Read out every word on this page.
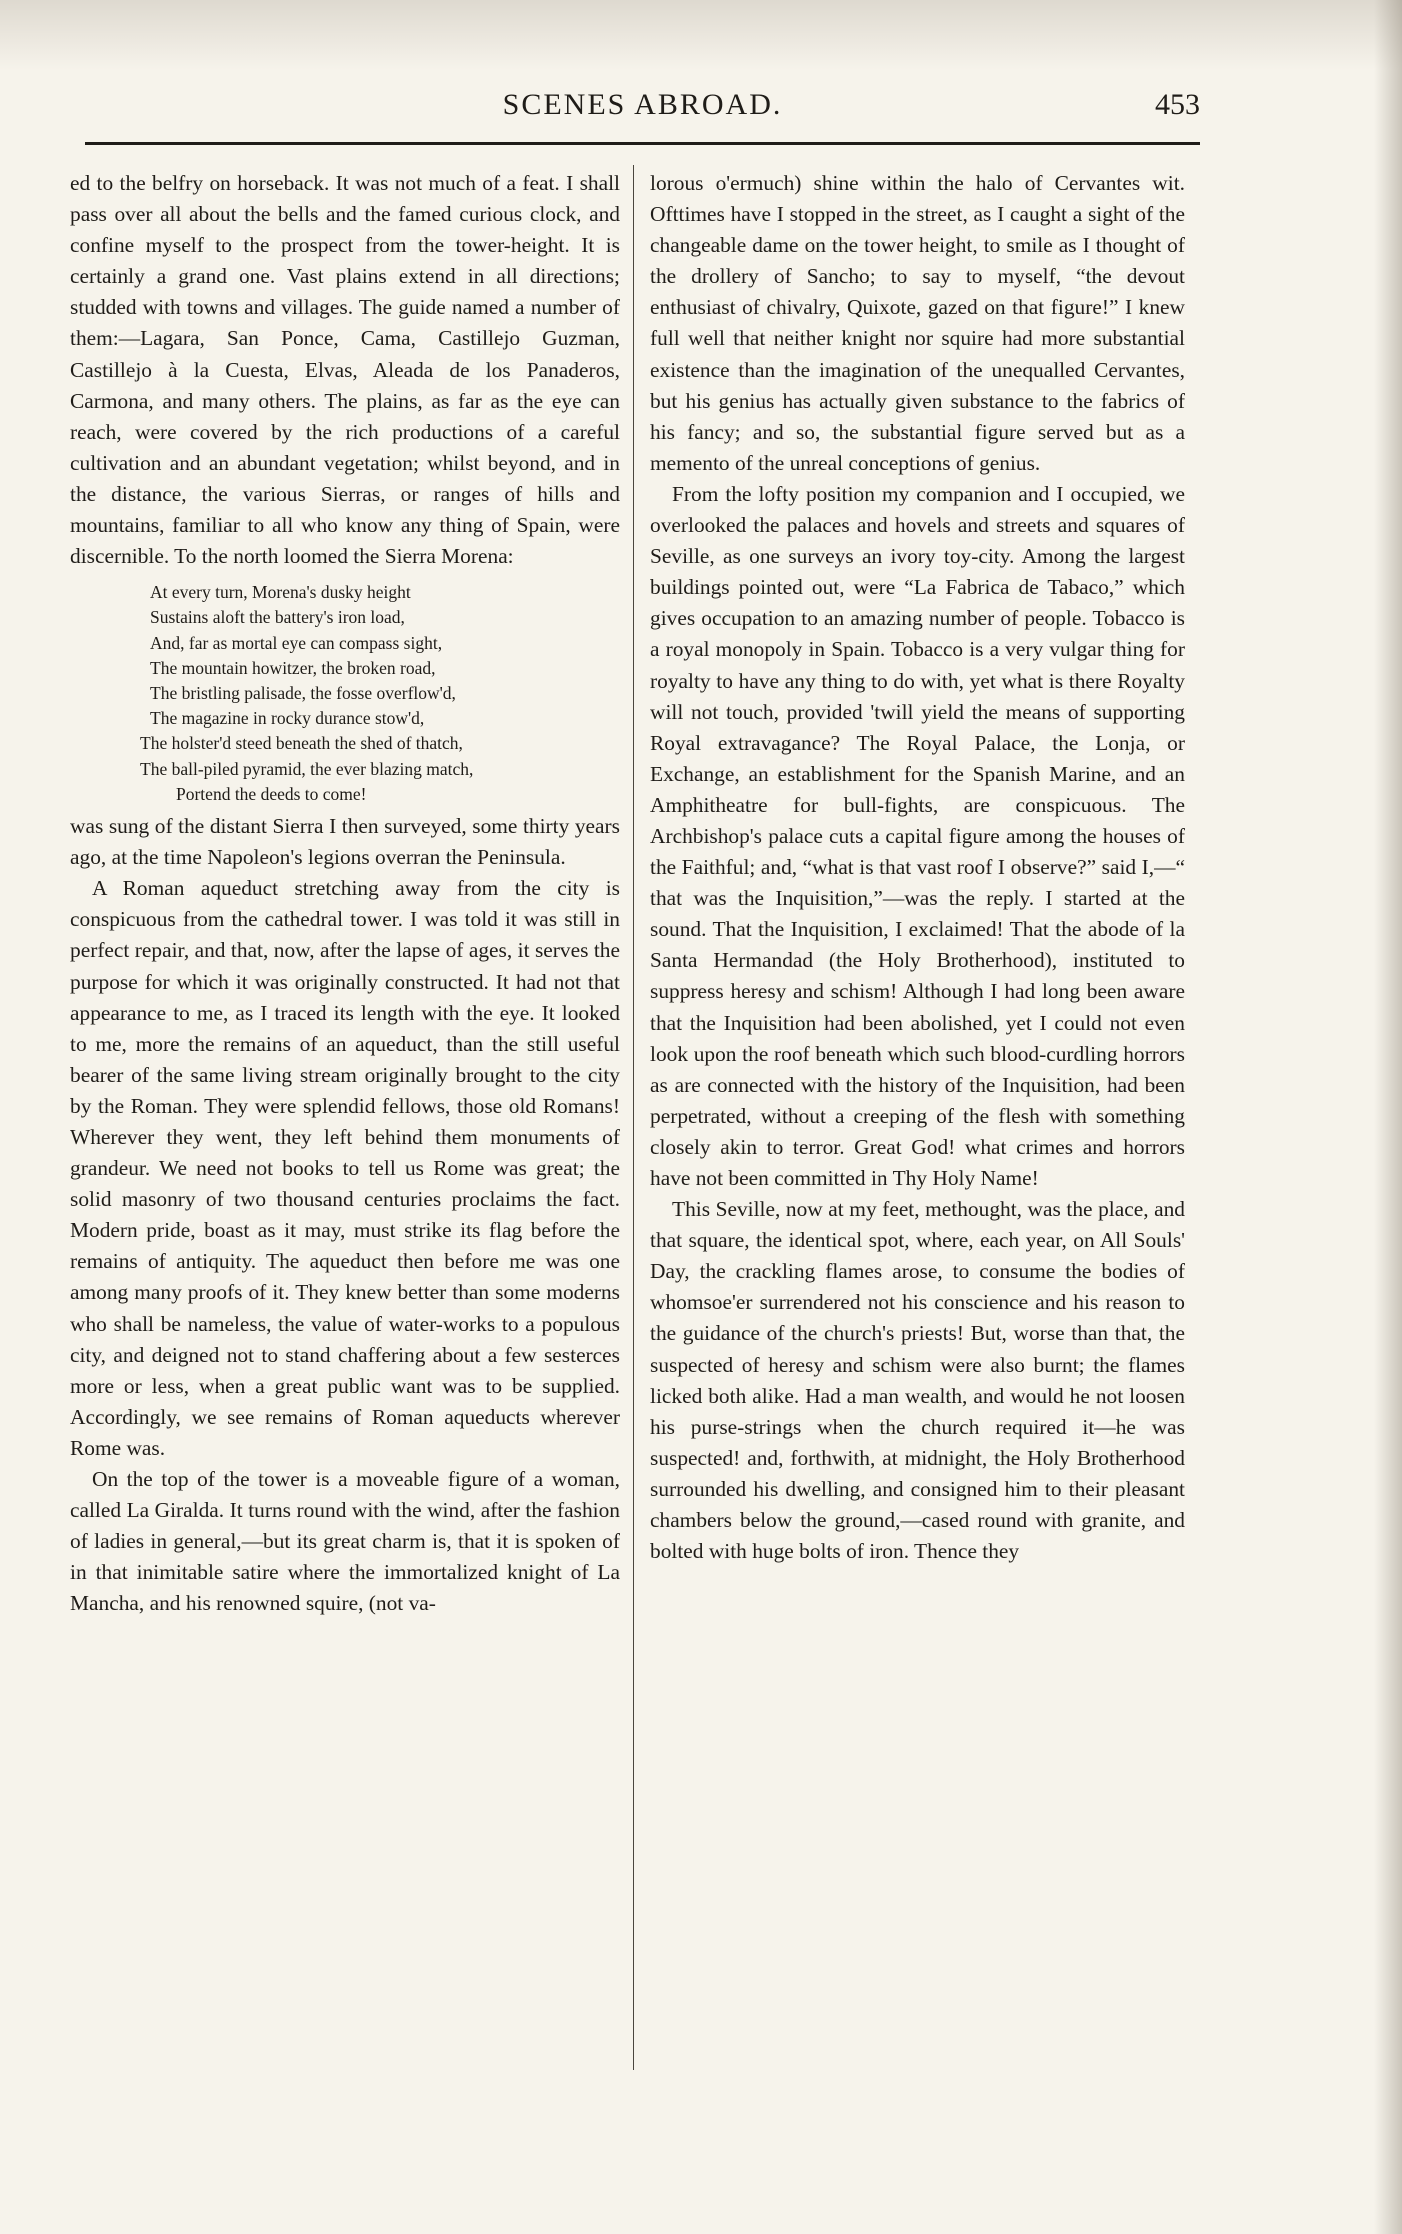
SCENES ABROAD.	453

ed to the belfry on horseback. It was not much of a feat. I shall pass over all about the bells and the famed curious clock, and confine myself to the prospect from the tower-height. It is certainly a grand one. Vast plains extend in all directions; studded with towns and villages. The guide named a number of them:—Lagara, San Ponce, Cama, Castillejo Guzman, Castillejo à la Cuesta, Elvas, Aleada de los Panaderos, Carmona, and many others. The plains, as far as the eye can reach, were covered by the rich productions of a careful cultivation and an abundant vegetation; whilst beyond, and in the distance, the various Sierras, or ranges of hills and mountains, familiar to all who know any thing of Spain, were discernible. To the north loomed the Sierra Morena:

At every turn, Morena's dusky height
Sustains aloft the battery's iron load,
And, far as mortal eye can compass sight,
The mountain howitzer, the broken road,
The bristling palisade, the fosse overflow'd,
The magazine in rocky durance stow'd,
The holster'd steed beneath the shed of thatch,
The ball-piled pyramid, the ever blazing match,
Portend the deeds to come!

was sung of the distant Sierra I then surveyed, some thirty years ago, at the time Napoleon's legions overran the Peninsula.

A Roman aqueduct stretching away from the city is conspicuous from the cathedral tower. I was told it was still in perfect repair, and that, now, after the lapse of ages, it serves the purpose for which it was originally constructed. It had not that appearance to me, as I traced its length with the eye. It looked to me, more the remains of an aqueduct, than the still useful bearer of the same living stream originally brought to the city by the Roman. They were splendid fellows, those old Romans! Wherever they went, they left behind them monuments of grandeur. We need not books to tell us Rome was great; the solid masonry of two thousand centuries proclaims the fact. Modern pride, boast as it may, must strike its flag before the remains of antiquity. The aqueduct then before me was one among many proofs of it. They knew better than some moderns who shall be nameless, the value of water-works to a populous city, and deigned not to stand chaffering about a few sesterces more or less, when a great public want was to be supplied. Accordingly, we see remains of Roman aqueducts wherever Rome was.

On the top of the tower is a moveable figure of a woman, called La Giralda. It turns round with the wind, after the fashion of ladies in general,—but its great charm is, that it is spoken of in that inimitable satire where the immortalized knight of La Mancha, and his renowned squire, (not va-

lorous o'ermuch) shine within the halo of Cervantes wit. Ofttimes have I stopped in the street, as I caught a sight of the changeable dame on the tower height, to smile as I thought of the drollery of Sancho; to say to myself, “the devout enthusiast of chivalry, Quixote, gazed on that figure!” I knew full well that neither knight nor squire had more substantial existence than the imagination of the unequalled Cervantes, but his genius has actually given substance to the fabrics of his fancy; and so, the substantial figure served but as a memento of the unreal conceptions of genius.

From the lofty position my companion and I occupied, we overlooked the palaces and hovels and streets and squares of Seville, as one surveys an ivory toy-city. Among the largest buildings pointed out, were “La Fabrica de Tabaco,” which gives occupation to an amazing number of people. Tobacco is a royal monopoly in Spain. Tobacco is a very vulgar thing for royalty to have any thing to do with, yet what is there Royalty will not touch, provided 'twill yield the means of supporting Royal extravagance? The Royal Palace, the Lonja, or Exchange, an establishment for the Spanish Marine, and an Amphitheatre for bull-fights, are conspicuous. The Archbishop's palace cuts a capital figure among the houses of the Faithful; and, “what is that vast roof I observe?” said I,—“ that was the Inquisition,”—was the reply. I started at the sound. That the Inquisition, I exclaimed! That the abode of la Santa Hermandad (the Holy Brotherhood), instituted to suppress heresy and schism! Although I had long been aware that the Inquisition had been abolished, yet I could not even look upon the roof beneath which such blood-curdling horrors as are connected with the history of the Inquisition, had been perpetrated, without a creeping of the flesh with something closely akin to terror. Great God! what crimes and horrors have not been committed in Thy Holy Name!

This Seville, now at my feet, methought, was the place, and that square, the identical spot, where, each year, on All Souls' Day, the crackling flames arose, to consume the bodies of whomsoe'er surrendered not his conscience and his reason to the guidance of the church's priests! But, worse than that, the suspected of heresy and schism were also burnt; the flames licked both alike. Had a man wealth, and would he not loosen his purse-strings when the church required it—he was suspected! and, forthwith, at midnight, the Holy Brotherhood surrounded his dwelling, and consigned him to their pleasant chambers below the ground,—cased round with granite, and bolted with huge bolts of iron. Thence they
